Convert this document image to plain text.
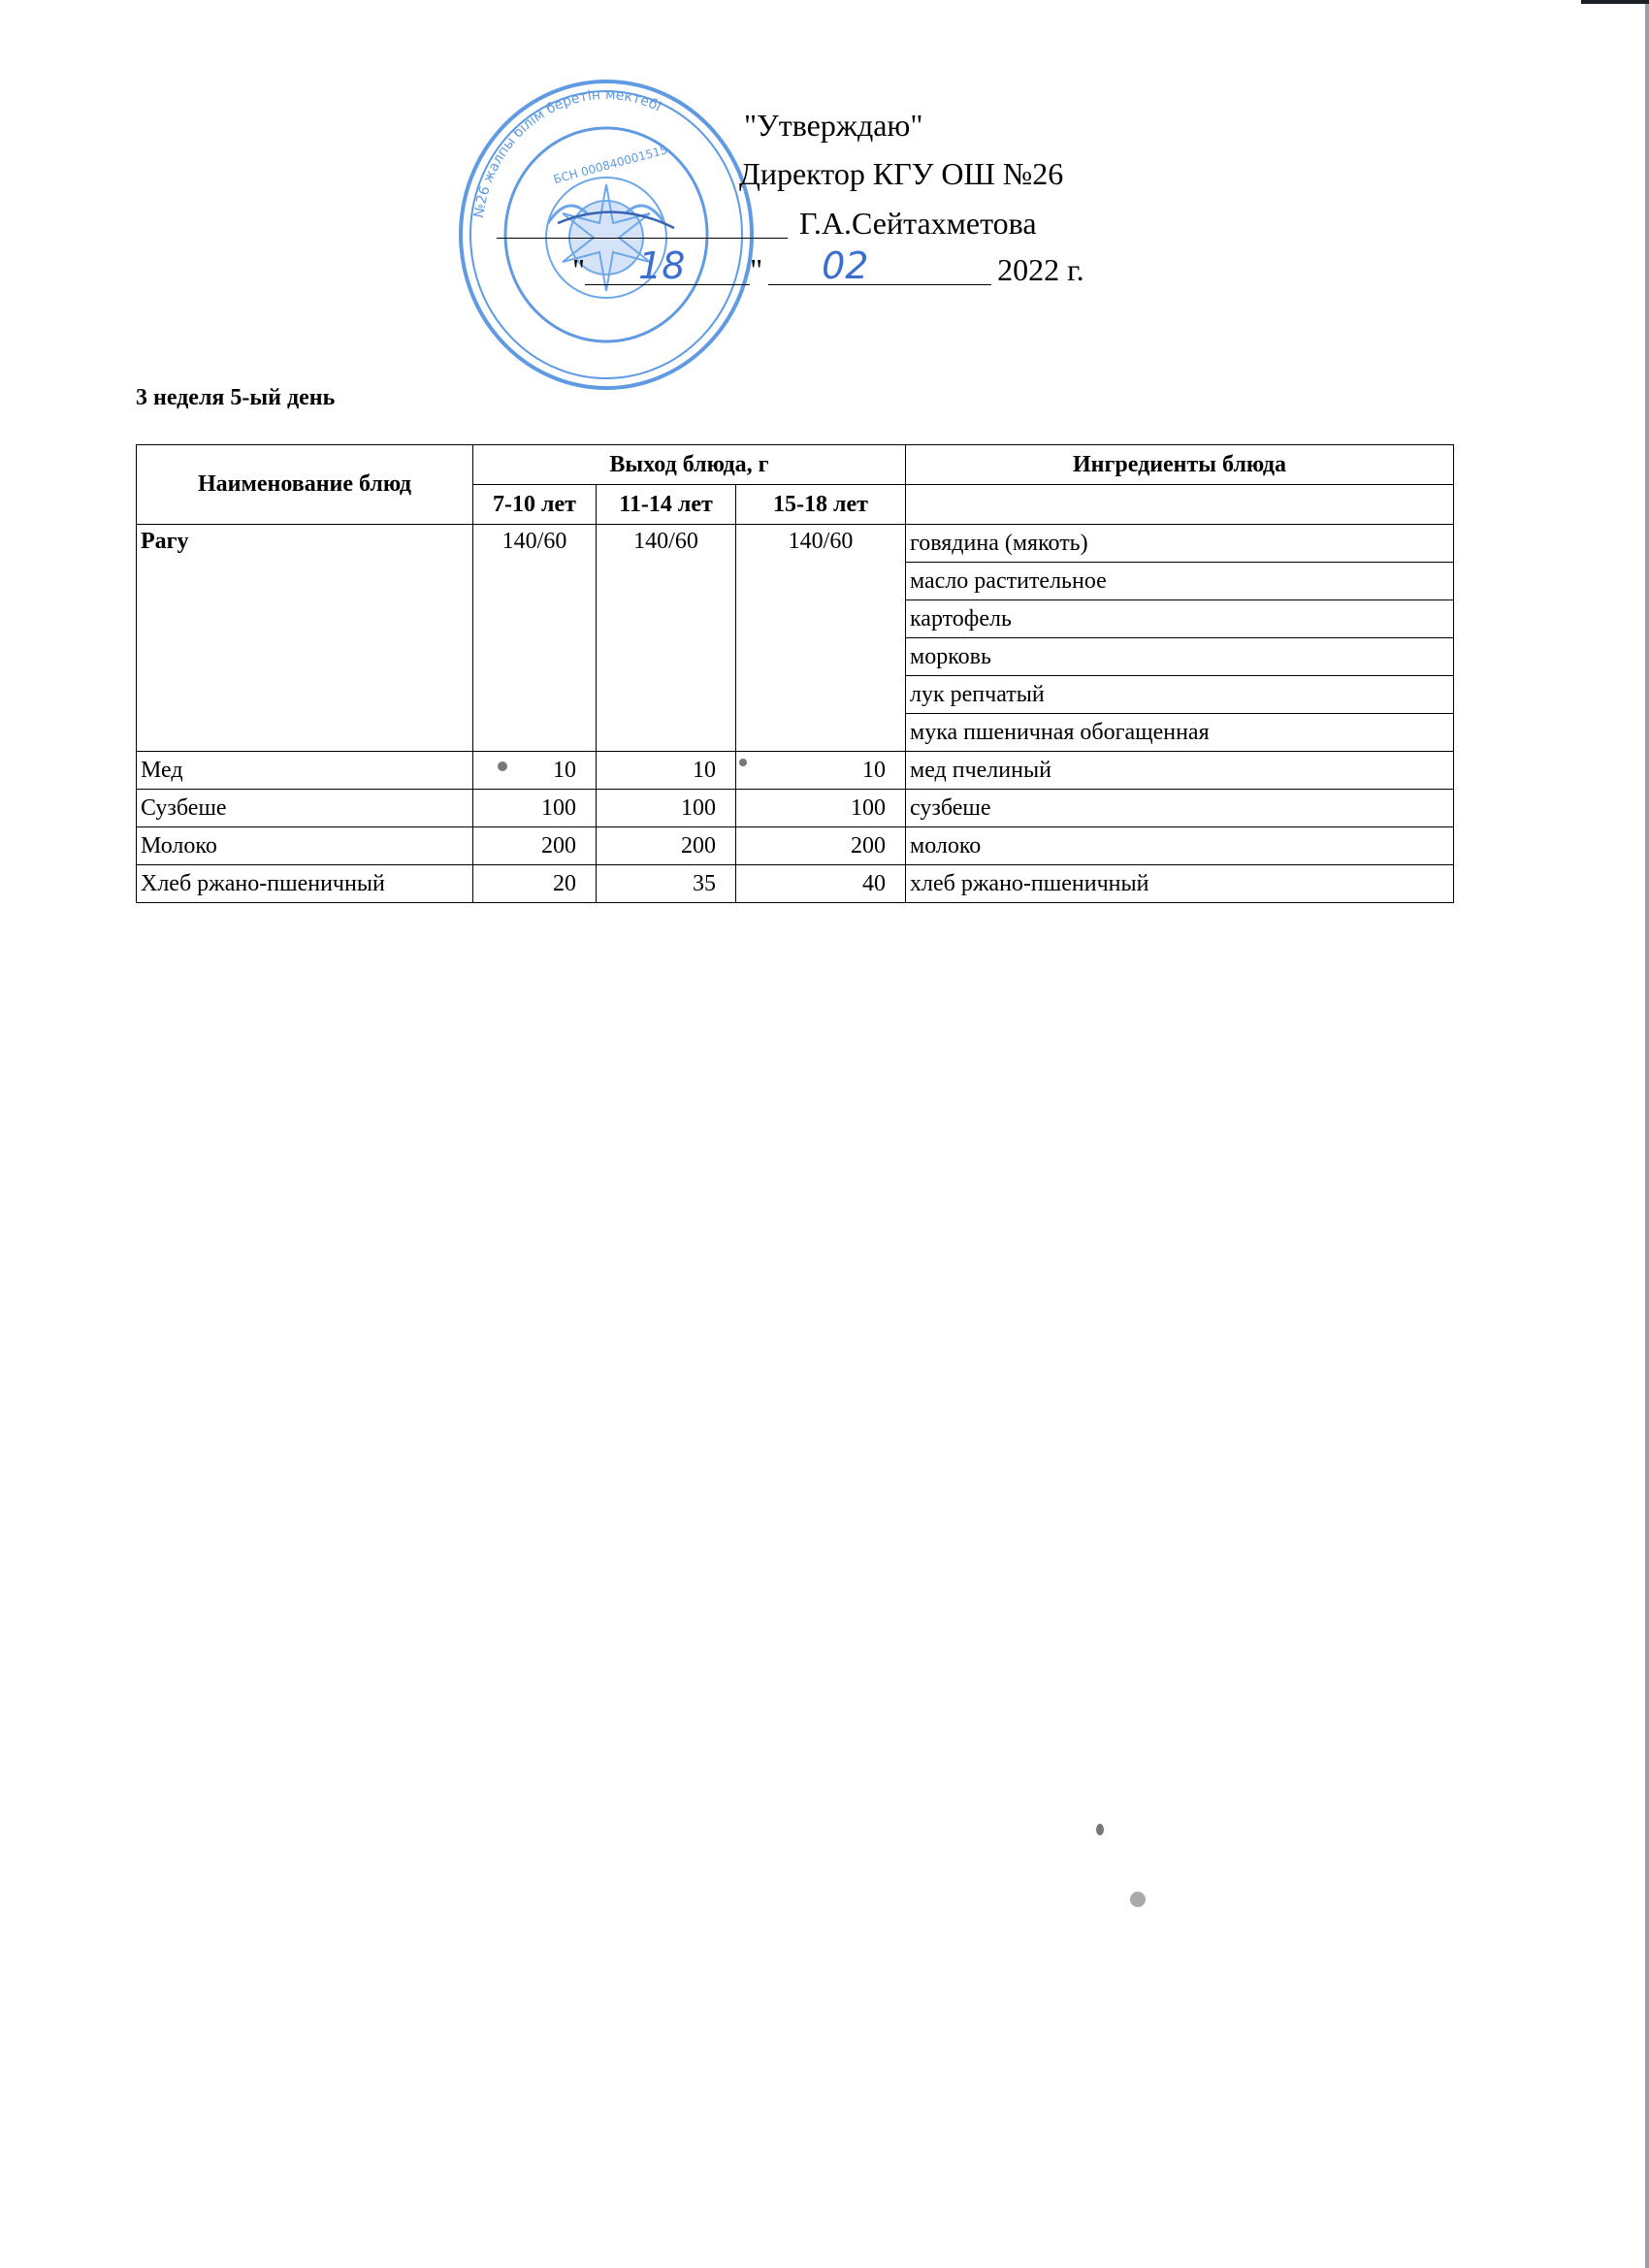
№26 жалпы білім беретін мектебі
БСН 000840001515
"Утверждаю"
Директор КГУ ОШ №26
Г.А.Сейтахметова
" 18 " 02	2022 г.
3 неделя 5-ый день
Наименование блюд	Выход блюда, г			Ингредиенты блюда
	7-10 лет	11-14 лет	15-18 лет	
Рагу	140/60	140/60	140/60	говядина (мякоть)
				масло растительное
				картофель
				морковь
				лук репчатый
				мука пшеничная обогащенная
Мед	10	10	10	мед пчелиный
Сузбеше	100	100	100	сузбеше
Молоко	200	200	200	молоко
Хлеб ржано-пшеничный	20	35	40	хлеб ржано-пшеничный
